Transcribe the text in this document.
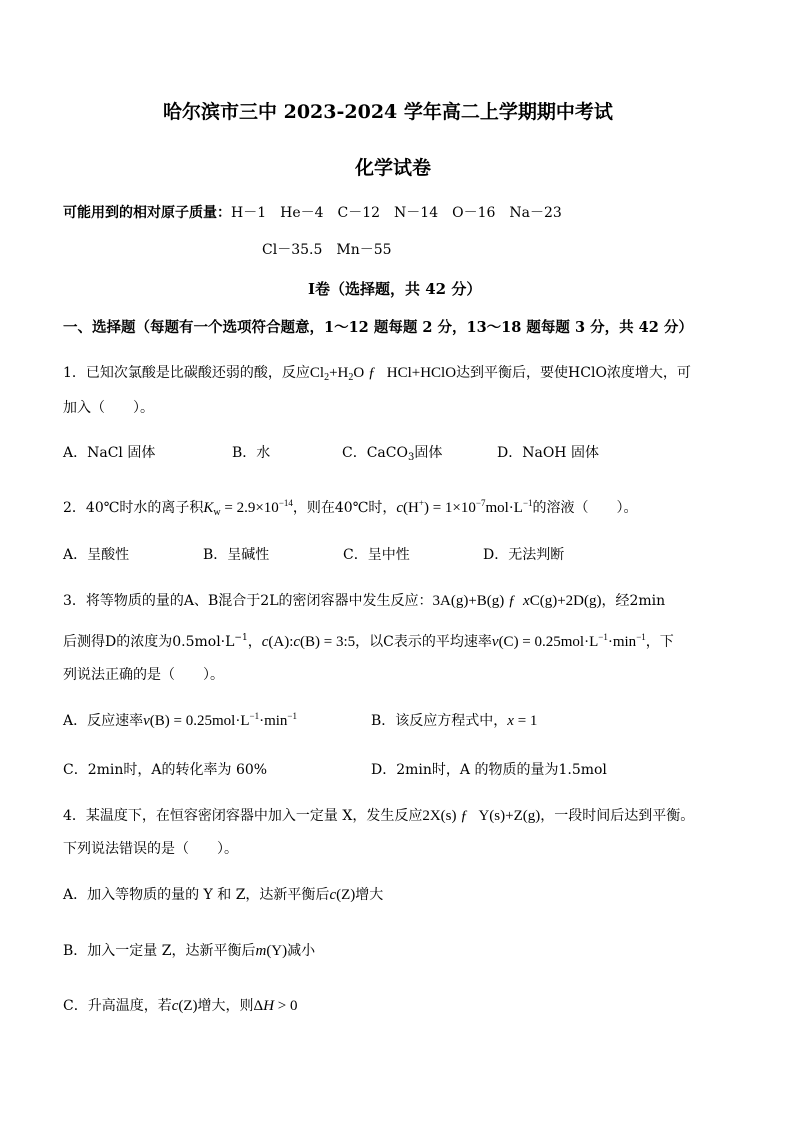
哈尔滨市三中 2023-2024 学年高二上学期期中考试
化学试卷
可能用到的相对原子质量：H－1　He－4　C－12　N－14　O－16　Na－23
Cl－35.5　Mn－55
Ⅰ卷（选择题，共 42 分）
一、选择题（每题有一个选项符合题意，1～12 题每题 2 分，13～18 题每题 3 分，共 42 分）
1．已知次氯酸是比碳酸还弱的酸，反应$Cl_2+H_2O$ ƒ   HCl+HClO达到平衡后，要使HClO浓度增大，可
加入（　　）。
A．NaCl 固体	B．水	C．CaCO$_3$固体	D．NaOH 固体
2．40℃时水的离子积$K_w = 2.9\times 10^{-14}$，则在40℃时，$c(H^+) = 1\times 10^{-7}mol\cdot L^{-1}$的溶液（　　）。
A．呈酸性	B．呈碱性	C．呈中性	D．无法判断
3．将等物质的量的A、B混合于2L的密闭容器中发生反应：3A(g)+B(g) ƒ xC(g)+2D(g)，经2min
后测得D的浓度为$0.5mol\cdot L^{-1}$，c(A):c(B) = 3:5，以C表示的平均速率$v(C) = 0.25mol\cdot L^{-1}\cdot\min^{-1}$，下
列说法正确的是（　　）。
A．反应速率$v(B) = 0.25mol\cdot L^{-1}\cdot\min^{-1}$	B．该反应方程式中，x = 1
C．2min时，A的转化率为 60%	D．2min时，A 的物质的量为1.5mol
4．某温度下，在恒容密闭容器中加入一定量 X，发生反应2X(s) ƒ   Y(s)+Z(g)，一段时间后达到平衡。
下列说法错误的是（　　）。
A．加入等物质的量的 Y 和 Z，达新平衡后c(Z)增大
B．加入一定量 Z，达新平衡后m(Y)减小
C．升高温度，若c(Z)增大，则ΔH > 0
